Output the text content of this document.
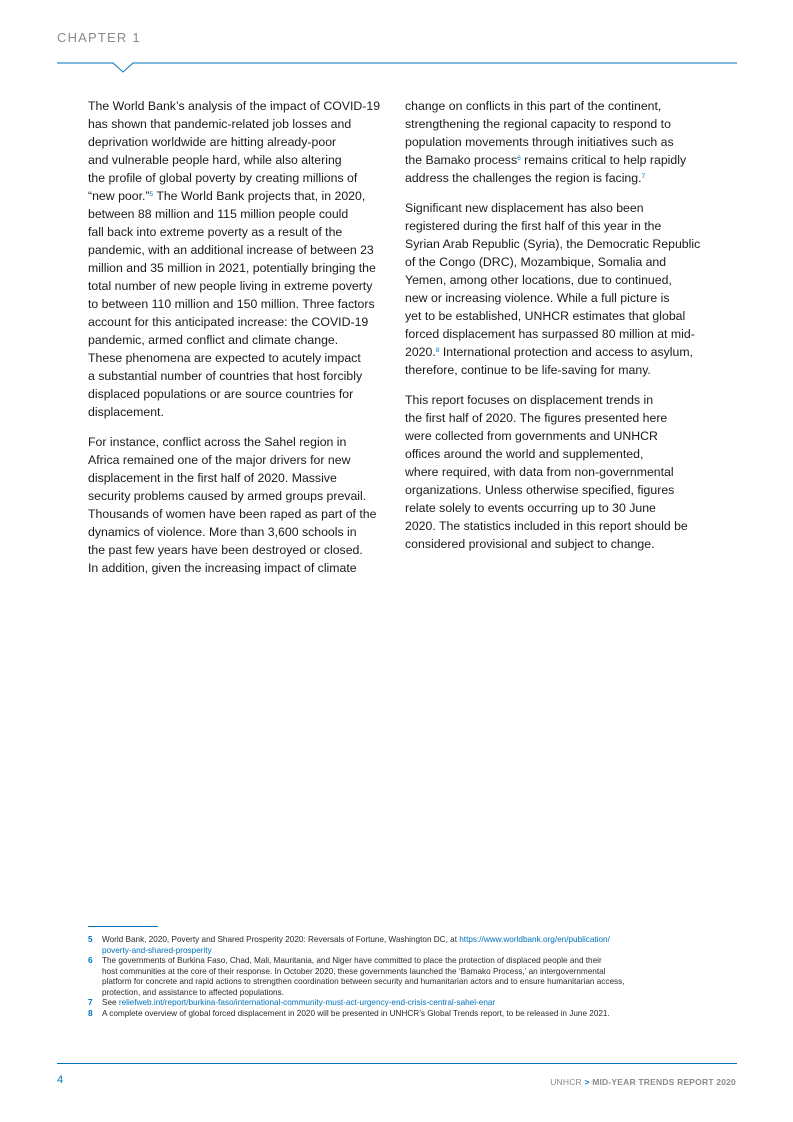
CHAPTER 1

The World Bank’s analysis of the impact of COVID-19
has shown that pandemic-related job losses and
deprivation worldwide are hitting already-poor
and vulnerable people hard, while also altering
the profile of global poverty by creating millions of
“new poor.”$^5$ The World Bank projects that, in 2020,
between 88 million and 115 million people could
fall back into extreme poverty as a result of the
pandemic, with an additional increase of between 23
million and 35 million in 2021, potentially bringing the
total number of new people living in extreme poverty
to between 110 million and 150 million. Three factors
account for this anticipated increase: the COVID-19
pandemic, armed conflict and climate change.
These phenomena are expected to acutely impact
a substantial number of countries that host forcibly
displaced populations or are source countries for
displacement.

For instance, conflict across the Sahel region in
Africa remained one of the major drivers for new
displacement in the first half of 2020. Massive
security problems caused by armed groups prevail.
Thousands of women have been raped as part of the
dynamics of violence. More than 3,600 schools in
the past few years have been destroyed or closed.
In addition, given the increasing impact of climate

change on conflicts in this part of the continent,
strengthening the regional capacity to respond to
population movements through initiatives such as
the Bamako process$^6$ remains critical to help rapidly
address the challenges the region is facing.$^7$

Significant new displacement has also been
registered during the first half of this year in the
Syrian Arab Republic (Syria), the Democratic Republic
of the Congo (DRC), Mozambique, Somalia and
Yemen, among other locations, due to continued,
new or increasing violence. While a full picture is
yet to be established, UNHCR estimates that global
forced displacement has surpassed 80 million at mid-
2020.$^8$ International protection and access to asylum,
therefore, continue to be life-saving for many.

This report focuses on displacement trends in
the first half of 2020. The figures presented here
were collected from governments and UNHCR
offices around the world and supplemented,
where required, with data from non-governmental
organizations. Unless otherwise specified, figures
relate solely to events occurring up to 30 June
2020. The statistics included in this report should be
considered provisional and subject to change.

5	World Bank, 2020, Poverty and Shared Prosperity 2020: Reversals of Fortune, Washington DC, at https://www.worldbank.org/en/publication/
poverty-and-shared-prosperity
6	The governments of Burkina Faso, Chad, Mali, Mauritania, and Niger have committed to place the protection of displaced people and their
host communities at the core of their response. In October 2020, these governments launched the ‘Bamako Process,’ an intergovernmental
platform for concrete and rapid actions to strengthen coordination between security and humanitarian actors and to ensure humanitarian access,
protection, and assistance to affected populations.
7	See reliefweb.int/report/burkina-faso/international-community-must-act-urgency-end-crisis-central-sahel-enar
8	A complete overview of global forced displacement in 2020 will be presented in UNHCR’s Global Trends report, to be released in June 2021.
4	UNHCR > MID-YEAR TRENDS REPORT 2020
